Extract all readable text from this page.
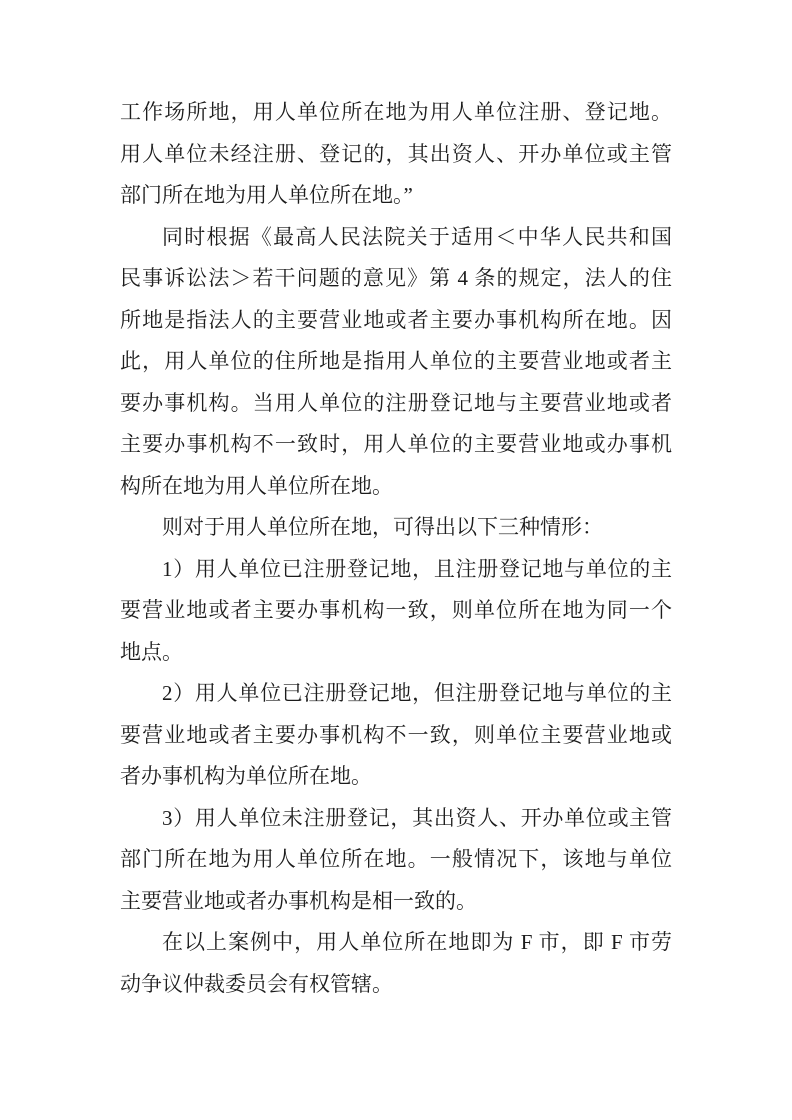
工作场所地，用人单位所在地为用人单位注册、登记地。
用人单位未经注册、登记的，其出资人、开办单位或主管
部门所在地为用人单位所在地。”
同时根据《最高人民法院关于适用＜中华人民共和国
民事诉讼法＞若干问题的意见》第 4 条的规定，法人的住
所地是指法人的主要营业地或者主要办事机构所在地。因
此，用人单位的住所地是指用人单位的主要营业地或者主
要办事机构。当用人单位的注册登记地与主要营业地或者
主要办事机构不一致时，用人单位的主要营业地或办事机
构所在地为用人单位所在地。
则对于用人单位所在地，可得出以下三种情形：
1）用人单位已注册登记地，且注册登记地与单位的主
要营业地或者主要办事机构一致，则单位所在地为同一个
地点。
2）用人单位已注册登记地，但注册登记地与单位的主
要营业地或者主要办事机构不一致，则单位主要营业地或
者办事机构为单位所在地。
3）用人单位未注册登记，其出资人、开办单位或主管
部门所在地为用人单位所在地。一般情况下，该地与单位
主要营业地或者办事机构是相一致的。
在以上案例中，用人单位所在地即为 F 市，即 F 市劳
动争议仲裁委员会有权管辖。
